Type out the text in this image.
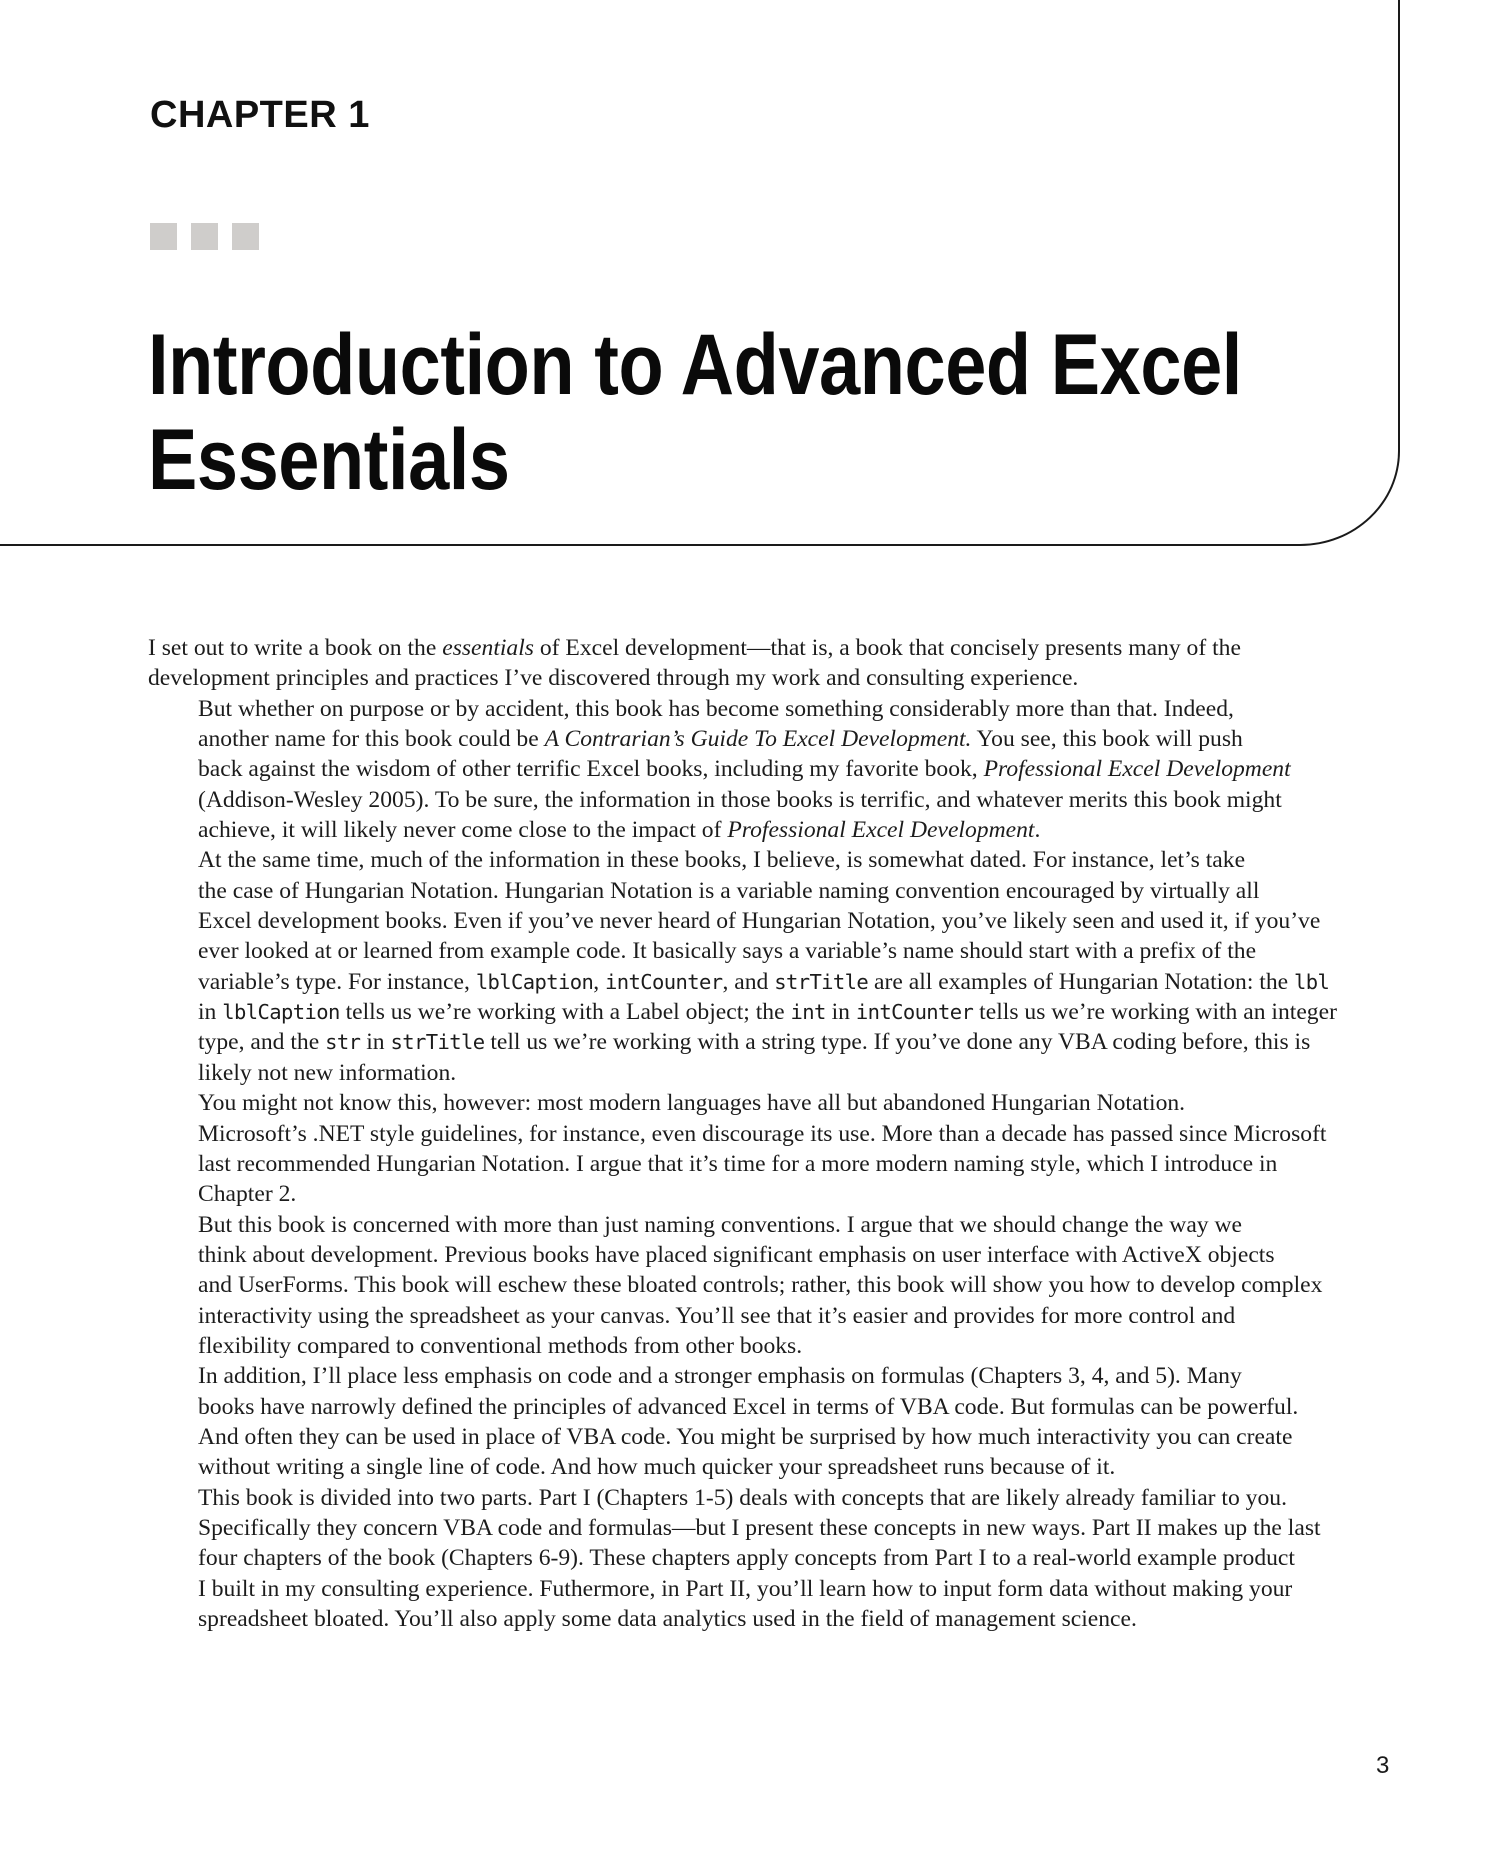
CHAPTER 1
Introduction to Advanced Excel
Essentials

I set out to write a book on the essentials of Excel development—that is, a book that concisely presents many of the
development principles and practices I’ve discovered through my work and consulting experience.

But whether on purpose or by accident, this book has become something considerably more than that. Indeed,
another name for this book could be A Contrarian’s Guide To Excel Development. You see, this book will push
back against the wisdom of other terrific Excel books, including my favorite book, Professional Excel Development
(Addison-Wesley 2005). To be sure, the information in those books is terrific, and whatever merits this book might
achieve, it will likely never come close to the impact of Professional Excel Development.

At the same time, much of the information in these books, I believe, is somewhat dated. For instance, let’s take
the case of Hungarian Notation. Hungarian Notation is a variable naming convention encouraged by virtually all
Excel development books. Even if you’ve never heard of Hungarian Notation, you’ve likely seen and used it, if you’ve
ever looked at or learned from example code. It basically says a variable’s name should start with a prefix of the
variable’s type. For instance, lblCaption, intCounter, and strTitle are all examples of Hungarian Notation: the lbl
in lblCaption tells us we’re working with a Label object; the int in intCounter tells us we’re working with an integer
type, and the str in strTitle tell us we’re working with a string type. If you’ve done any VBA coding before, this is
likely not new information.

You might not know this, however: most modern languages have all but abandoned Hungarian Notation.
Microsoft’s .NET style guidelines, for instance, even discourage its use. More than a decade has passed since Microsoft
last recommended Hungarian Notation. I argue that it’s time for a more modern naming style, which I introduce in
Chapter 2.

But this book is concerned with more than just naming conventions. I argue that we should change the way we
think about development. Previous books have placed significant emphasis on user interface with ActiveX objects
and UserForms. This book will eschew these bloated controls; rather, this book will show you how to develop complex
interactivity using the spreadsheet as your canvas. You’ll see that it’s easier and provides for more control and
flexibility compared to conventional methods from other books.

In addition, I’ll place less emphasis on code and a stronger emphasis on formulas (Chapters 3, 4, and 5). Many
books have narrowly defined the principles of advanced Excel in terms of VBA code. But formulas can be powerful.
And often they can be used in place of VBA code. You might be surprised by how much interactivity you can create
without writing a single line of code. And how much quicker your spreadsheet runs because of it.

This book is divided into two parts. Part I (Chapters 1-5) deals with concepts that are likely already familiar to you.
Specifically they concern VBA code and formulas—but I present these concepts in new ways. Part II makes up the last
four chapters of the book (Chapters 6-9). These chapters apply concepts from Part I to a real-world example product
I built in my consulting experience. Futhermore, in Part II, you’ll learn how to input form data without making your
spreadsheet bloated. You’ll also apply some data analytics used in the field of management science.

3
